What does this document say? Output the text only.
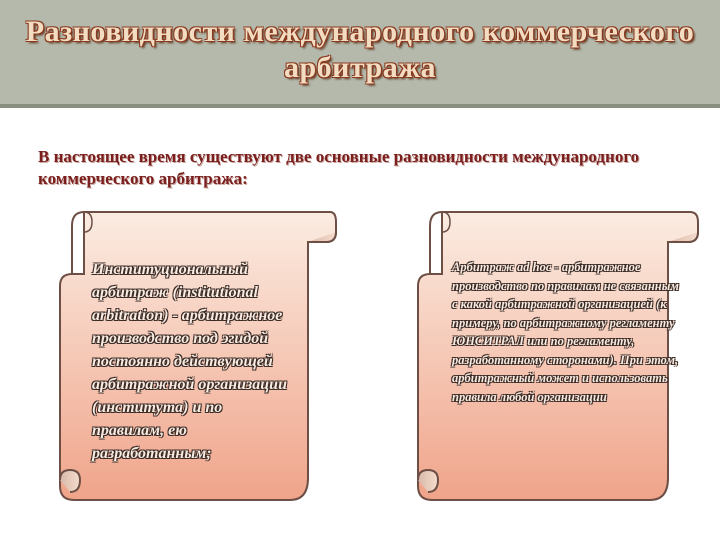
Разновидности международного коммерческого арбитража
В настоящее время существуют две основные разновидности международного коммерческого арбитража:
Институциональный арбитраж (institutional arbitration) - арбитражное производство под эгидой постоянно действующей арбитражной организации (института) и по правилам, ею разработанным;
Арбитраж ad hoc - арбитражное производство по правилам не связанным с какой арбитражной организацией (к примеру, по арбитражному регламенту ЮНСИТРАЛ или по регламенту, разработанному сторонами). При этом, арбитражный может и использовать правила любой организации
